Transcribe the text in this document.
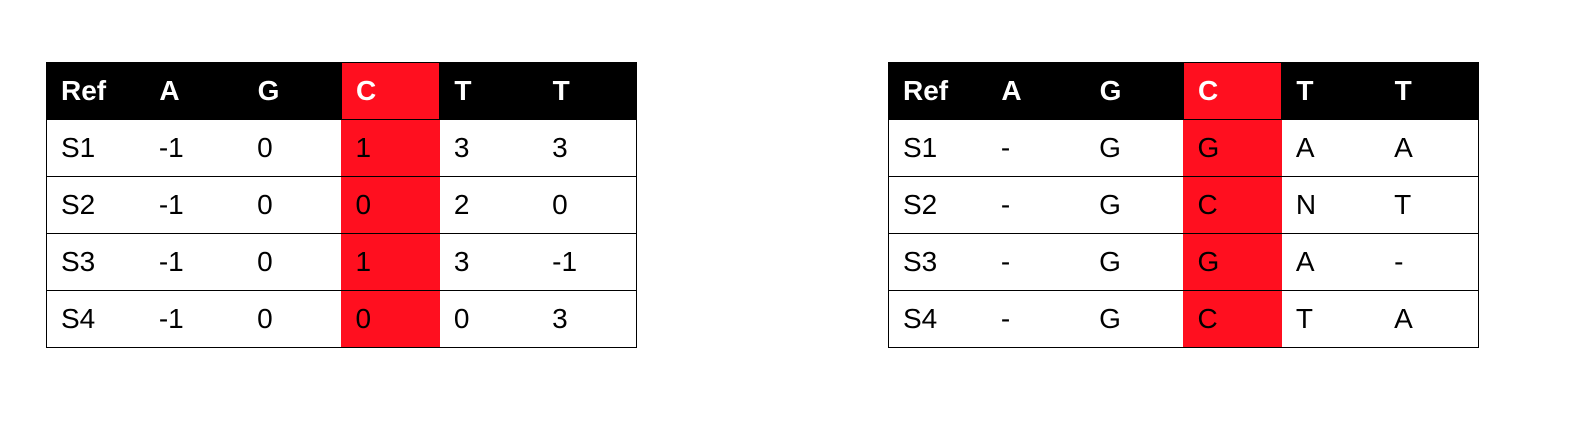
Ref	A	G	C	T	T
S1	-1	0	1	3	3
S2	-1	0	0	2	0
S3	-1	0	1	3	-1
S4	-1	0	0	0	3
Ref	A	G	C	T	T
S1	-	G	G	A	A
S2	-	G	C	N	T
S3	-	G	G	A	-
S4	-	G	C	T	A
